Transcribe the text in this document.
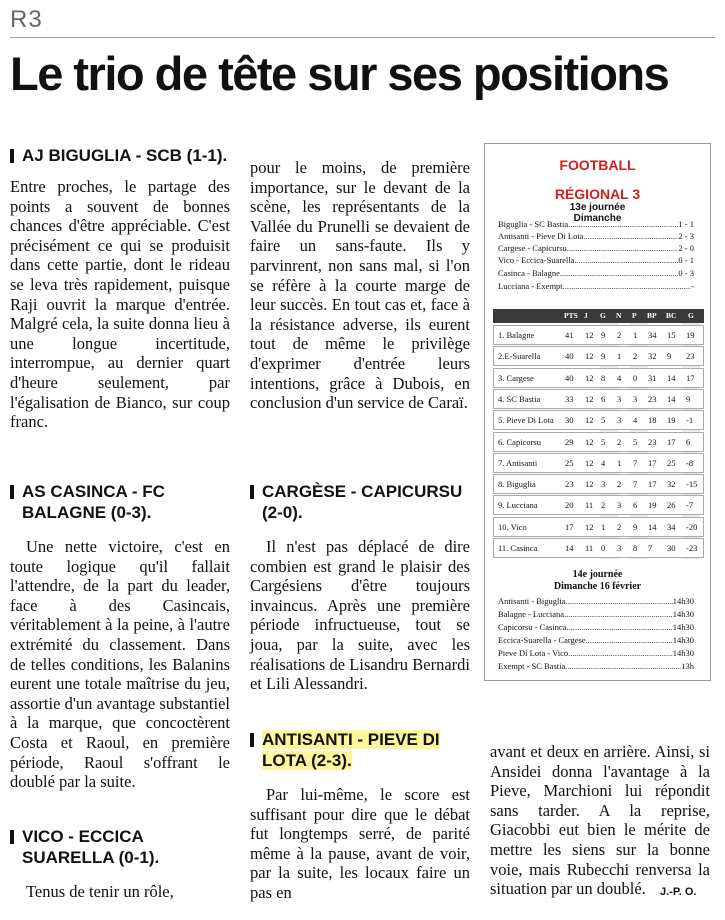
R3
Le trio de tête sur ses positions
AJ BIGUGLIA - SCB (1-1).

Entre proches, le partage des points a souvent de bonnes chances d'être appréciable. C'est précisément ce qui se produisit dans cette partie, dont le rideau se leva très rapidement, puisque Raji ouvrit la marque d'entrée. Malgré cela, la suite donna lieu à une longue incertitude, interrompue, au dernier quart d'heure seulement, par l'égalisation de Bianco, sur coup franc.

AS CASINCA - FC BALAGNE (0-3).

Une nette victoire, c'est en toute logique qu'il fallait l'attendre, de la part du leader, face à des Casincais, véritablement à la peine, à l'autre extrémité du classement. Dans de telles conditions, les Balanins eurent une totale maîtrise du jeu, assortie d'un avantage substantiel à la marque, que concoctèrent Costa et Raoul, en première période, Raoul s'offrant le doublé par la suite.

VICO - ECCICA SUARELLA (0-1).

Tenus de tenir un rôle,

pour le moins, de première importance, sur le devant de la scène, les représentants de la Vallée du Prunelli se devaient de faire un sans-faute. Ils y parvinrent, non sans mal, si l'on se réfère à la courte marge de leur succès. En tout cas et, face à la résistance adverse, ils eurent tout de même le privilège d'exprimer d'entrée leurs intentions, grâce à Dubois, en conclusion d'un service de Caraï.

CARGÈSE - CAPICURSU (2-0).

Il n'est pas déplacé de dire combien est grand le plaisir des Cargésiens d'être toujours invaincus. Après une première période infructueuse, tout se joua, par la suite, avec les réalisations de Lisandru Bernardi et Lili Alessandri.

ANTISANTI - PIEVE DI LOTA (2-3).

Par lui-même, le score est suffisant pour dire que le débat fut longtemps serré, de parité même à la pause, avant de voir, par la suite, les locaux faire un pas en

avant et deux en arrière. Ainsi, si Ansidei donna l'avantage à la Pieve, Marchioni lui répondit sans tarder. A la reprise, Giacobbi eut bien le mérite de mettre les siens sur la bonne voie, mais Rubecchi renversa la situation par un doublé.	J.-P. O.
FOOTBALL
RÉGIONAL 3
13e journée
Dimanche
Biguglia - SC Bastia .....	1 - 1
Antisanti - Pieve Di Lota .....	2 - 3
Cargese - Capicursu .....	2 - 0
Vico - Eccica-Suarella .....	0 - 1
Casinca - Balagne .....	0 - 3
Lucciana - Exempt .....	-
PTS J G N P BP BC G
1. Balagne	41 12 9 2 1 34 15 19
2.E-Suarella	40 12 9 1 2 32 9 23
3. Cargese	40 12 8 4 0 31 14 17
4. SC Bastia	33 12 6 3 3 23 14 9
5. Pieve Di Lota 30 12 5 3 4 18 19 -1
6. Capicorsu	29 12 5 2 5 23 17 6
7. Antisanti	25 12 4 1 7 17 25 -8
8. Biguglia	23 12 3 2 7 17 32 -15
9. Lucciana	20 11 2 3 6 19 26 -7
10. Vico	17 12 1 2 9 14 34 -20
11. Casinca	14 11 0 3 8 7 30 -23
14e journée
Dimanche 16 février
Antisanti - Biguglia .....	14h30
Balagne - Lucciana .....	14h30
Capicorsu - Casinca .....	14h30
Eccica-Suarella - Cargese .....	14h30
Pieve Di Lota - Vico .....	14h30
Exempt - SC Bastia .....	13h
